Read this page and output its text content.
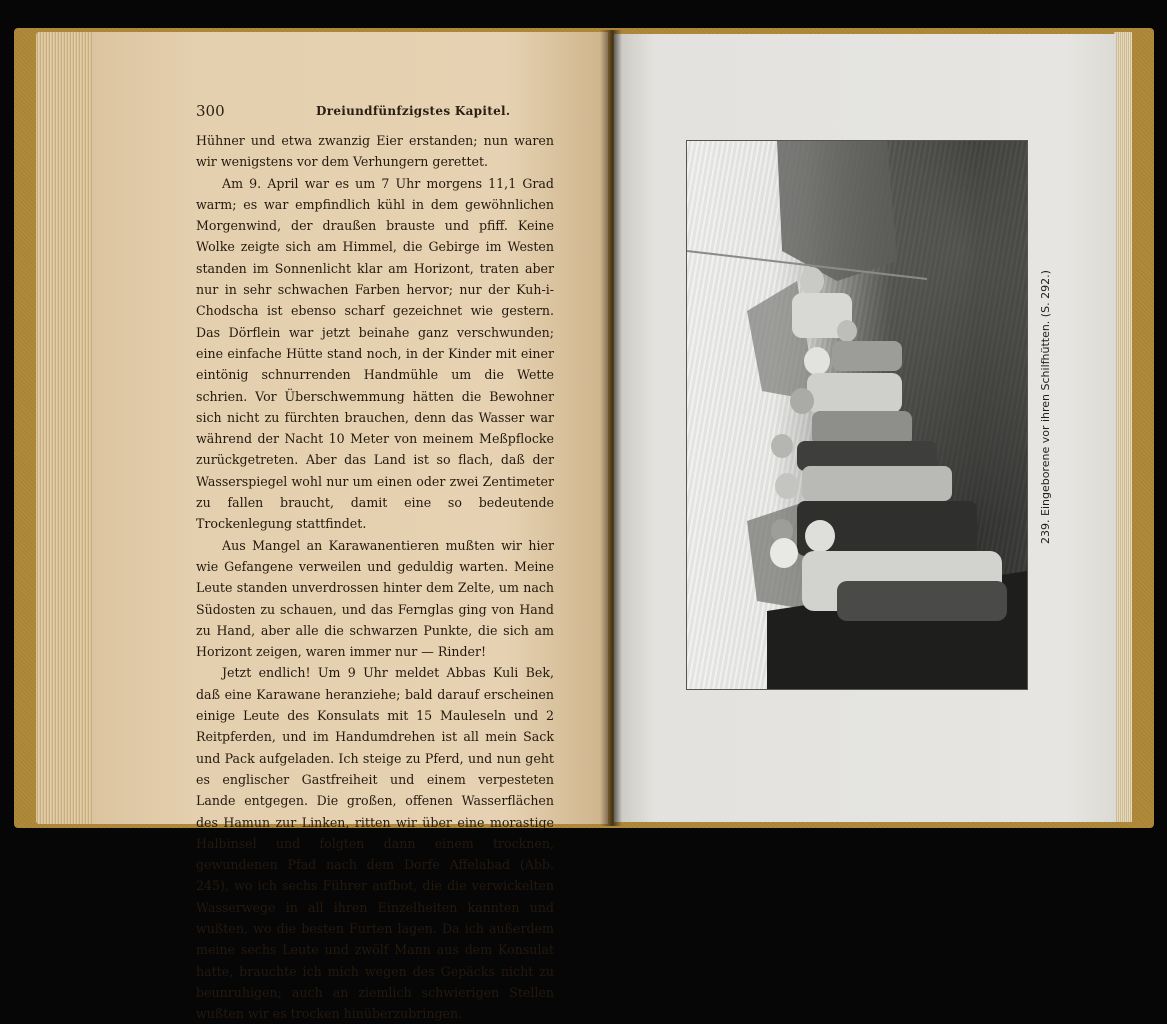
300	Dreiundfünfzigstes Kapitel.

Hühner und etwa zwanzig Eier erstanden; nun waren wir wenigstens vor dem Verhungern gerettet.

Am 9. April war es um 7 Uhr morgens 11,1 Grad warm; es war empfindlich kühl in dem gewöhnlichen Morgenwind, der draußen brauste und pfiff. Keine Wolke zeigte sich am Himmel, die Gebirge im Westen standen im Sonnenlicht klar am Horizont, traten aber nur in sehr schwachen Farben hervor; nur der Kuh-i-Chodscha ist ebenso scharf gezeichnet wie gestern. Das Dörflein war jetzt beinahe ganz verschwunden; eine einfache Hütte stand noch, in der Kinder mit einer eintönig schnurrenden Handmühle um die Wette schrien. Vor Überschwemmung hätten die Bewohner sich nicht zu fürchten brauchen, denn das Wasser war während der Nacht 10 Meter von meinem Meßpflocke zurückgetreten. Aber das Land ist so flach, daß der Wasserspiegel wohl nur um einen oder zwei Zentimeter zu fallen braucht, damit eine so bedeutende Trockenlegung stattfindet.

Aus Mangel an Karawanentieren mußten wir hier wie Gefangene verweilen und geduldig warten. Meine Leute standen unverdrossen hinter dem Zelte, um nach Südosten zu schauen, und das Fernglas ging von Hand zu Hand, aber alle die schwarzen Punkte, die sich am Horizont zeigen, waren immer nur — Rinder!

Jetzt endlich! Um 9 Uhr meldet Abbas Kuli Bek, daß eine Karawane heranziehe; bald darauf erscheinen einige Leute des Konsulats mit 15 Mauleseln und 2 Reitpferden, und im Handumdrehen ist all mein Sack und Pack aufgeladen. Ich steige zu Pferd, und nun geht es englischer Gastfreiheit und einem verpesteten Lande entgegen. Die großen, offenen Wasserflächen des Hamun zur Linken, ritten wir über eine morastige Halbinsel und folgten dann einem trocknen, gewundenen Pfad nach dem Dorfe Affelabad (Abb. 245), wo ich sechs Führer aufbot, die die verwickelten Wasserwege in all ihren Einzelheiten kannten und wußten, wo die besten Furten lagen. Da ich außerdem meine sechs Leute und zwölf Mann aus dem Konsulat hatte, brauchte ich mich wegen des Gepäcks nicht zu beunruhigen; auch an ziemlich schwierigen Stellen wußten wir es trocken hinüberzubringen.

239. Eingeborene vor ihren Schilfhütten. (S. 292.)
